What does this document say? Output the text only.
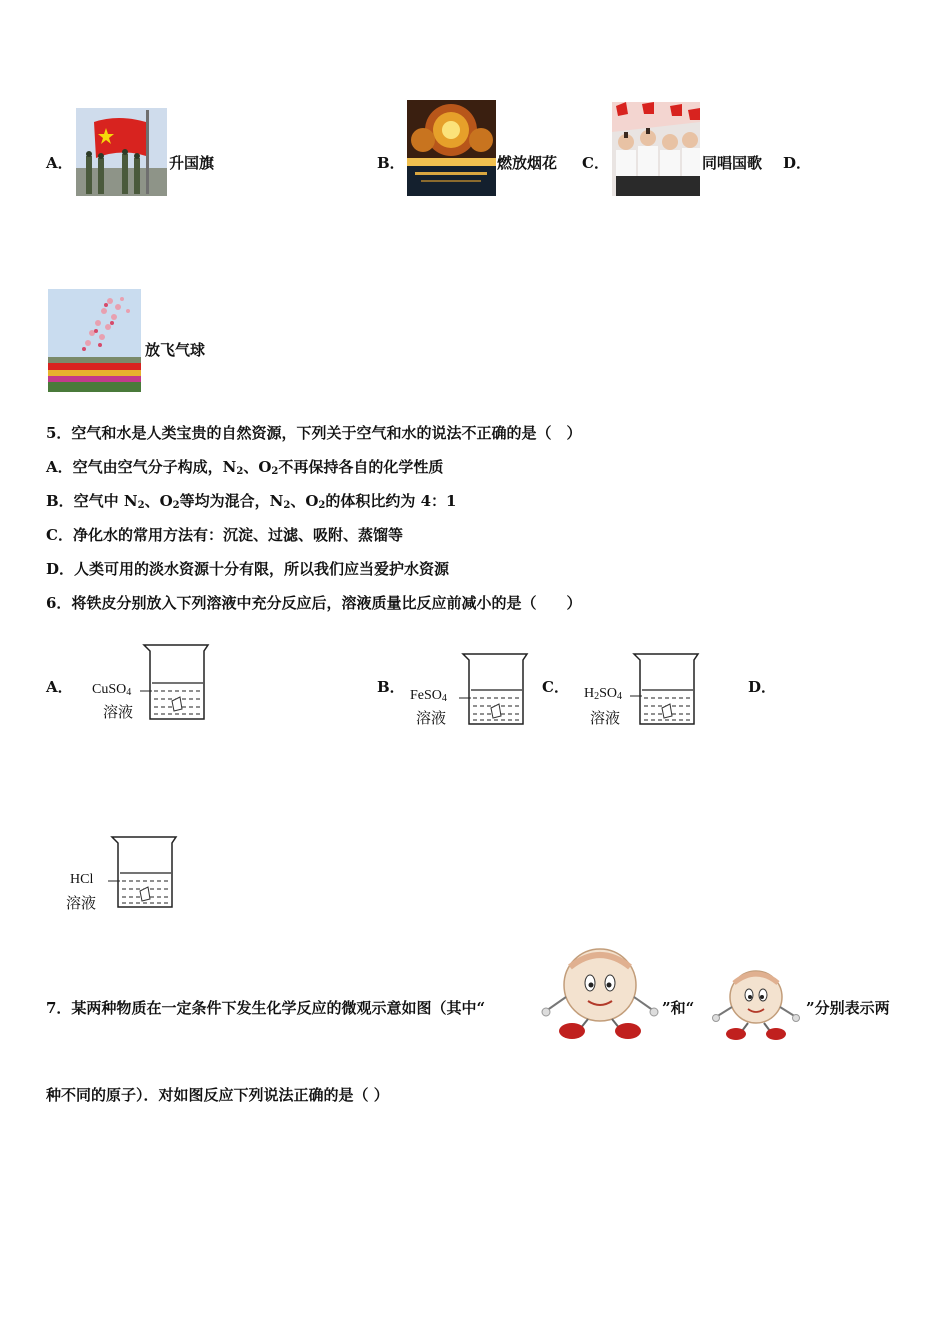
A．	升国旗	B．	燃放烟花 C．	同唱国歌 D．
放飞气球
5．空气和水是人类宝贵的自然资源，下列关于空气和水的说法不正确的是（　）
A．空气由空气分子构成，$N_2$、$O_2$不再保持各自的化学性质
B．空气中 $N_2$、$O_2$等均为混合，$N_2$、$O_2$的体积比约为 4：1
C．净化水的常用方法有：沉淀、过滤、吸附、蒸馏等
D．人类可用的淡水资源十分有限，所以我们应当爱护水资源
6．将铁皮分别放入下列溶液中充分反应后，溶液质量比反应前减小的是（　　）
A． CuSO$_4$
溶液
B． FeSO$_4$
溶液
C． $H_2SO_4$
溶液
D．
HCl
溶液
7．某两种物质在一定条件下发生化学反应的微观示意如图（其中“	”和“	”分别表示两
种不同的原子）．对如图反应下列说法正确的是（ ）
